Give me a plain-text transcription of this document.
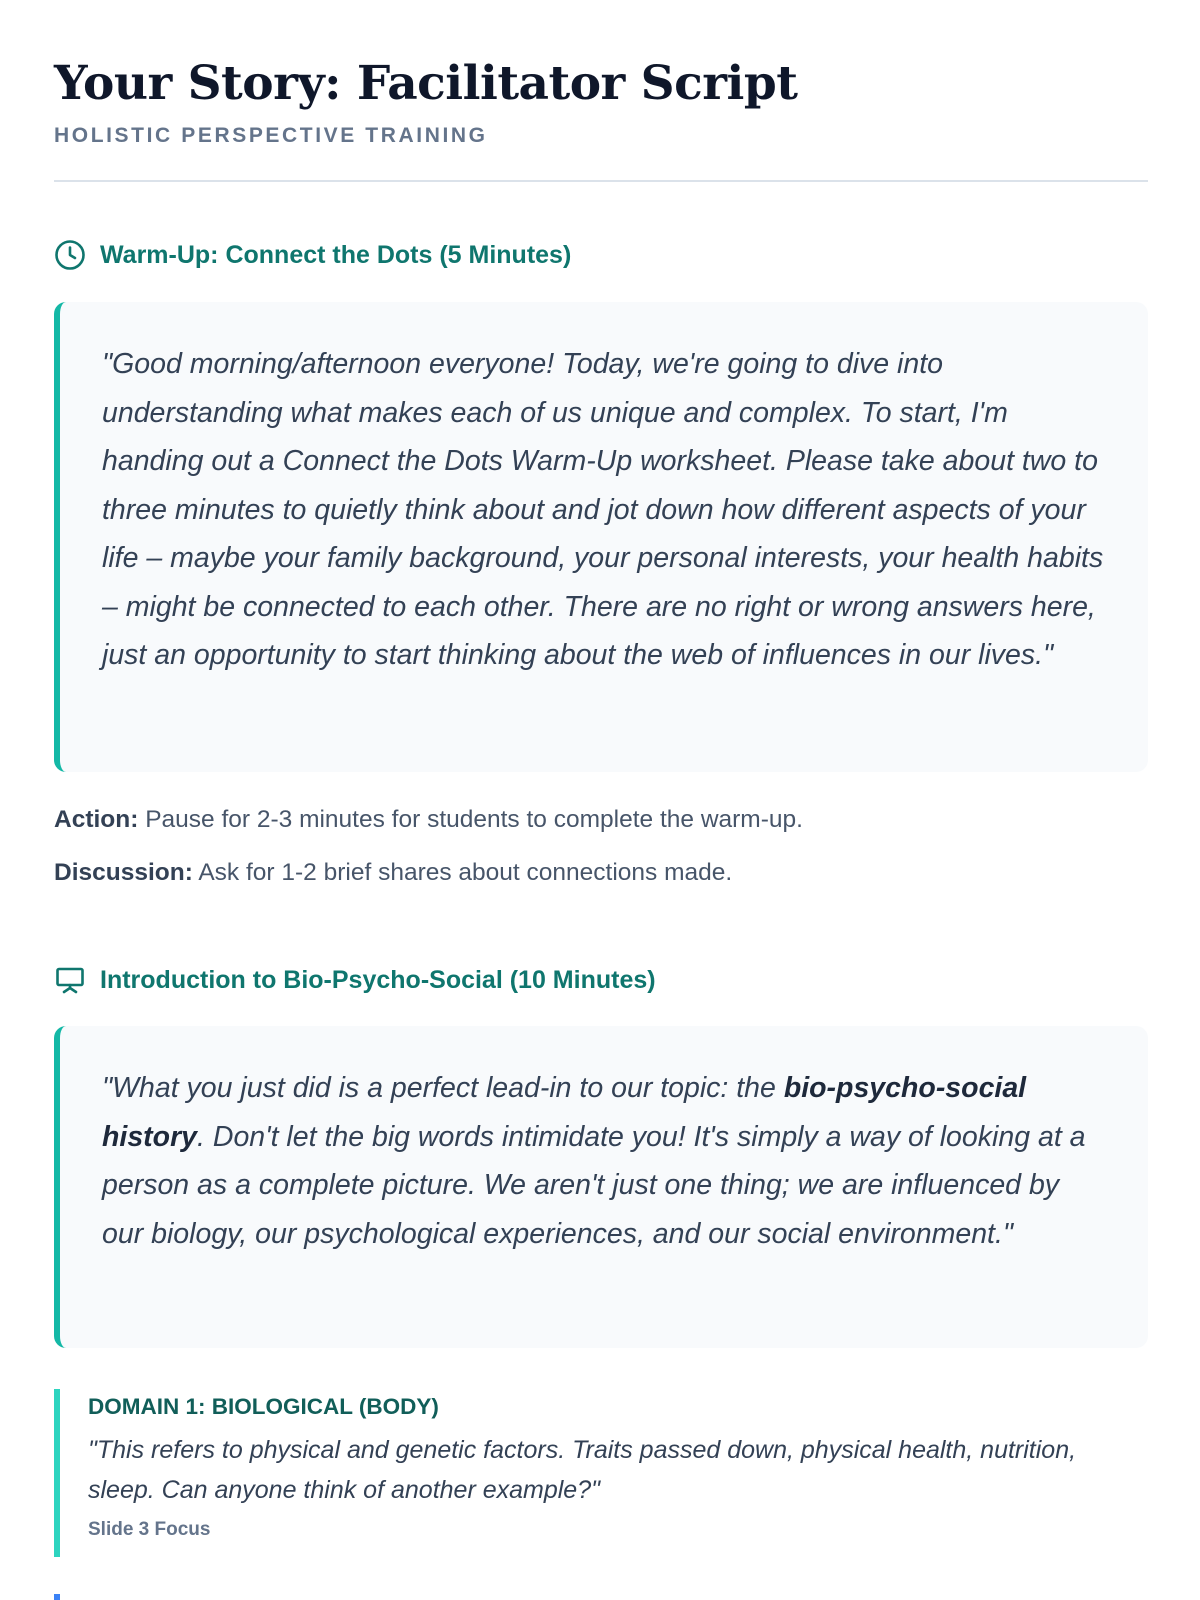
Your Story: Facilitator Script
HOLISTIC PERSPECTIVE TRAINING
Warm-Up: Connect the Dots (5 Minutes)
"Good morning/afternoon everyone! Today, we're going to dive into understanding what makes each of us unique and complex. To start, I'm handing out a Connect the Dots Warm-Up worksheet. Please take about two to three minutes to quietly think about and jot down how different aspects of your life – maybe your family background, your personal interests, your health habits – might be connected to each other. There are no right or wrong answers here, just an opportunity to start thinking about the web of influences in our lives."
Action: Pause for 2-3 minutes for students to complete the warm-up.
Discussion: Ask for 1-2 brief shares about connections made.
Introduction to Bio-Psycho-Social (10 Minutes)
"What you just did is a perfect lead-in to our topic: the bio-psycho-social history. Don't let the big words intimidate you! It's simply a way of looking at a person as a complete picture. We aren't just one thing; we are influenced by our biology, our psychological experiences, and our social environment."
DOMAIN 1: BIOLOGICAL (BODY)
"This refers to physical and genetic factors. Traits passed down, physical health, nutrition, sleep. Can anyone think of another example?"
Slide 3 Focus
